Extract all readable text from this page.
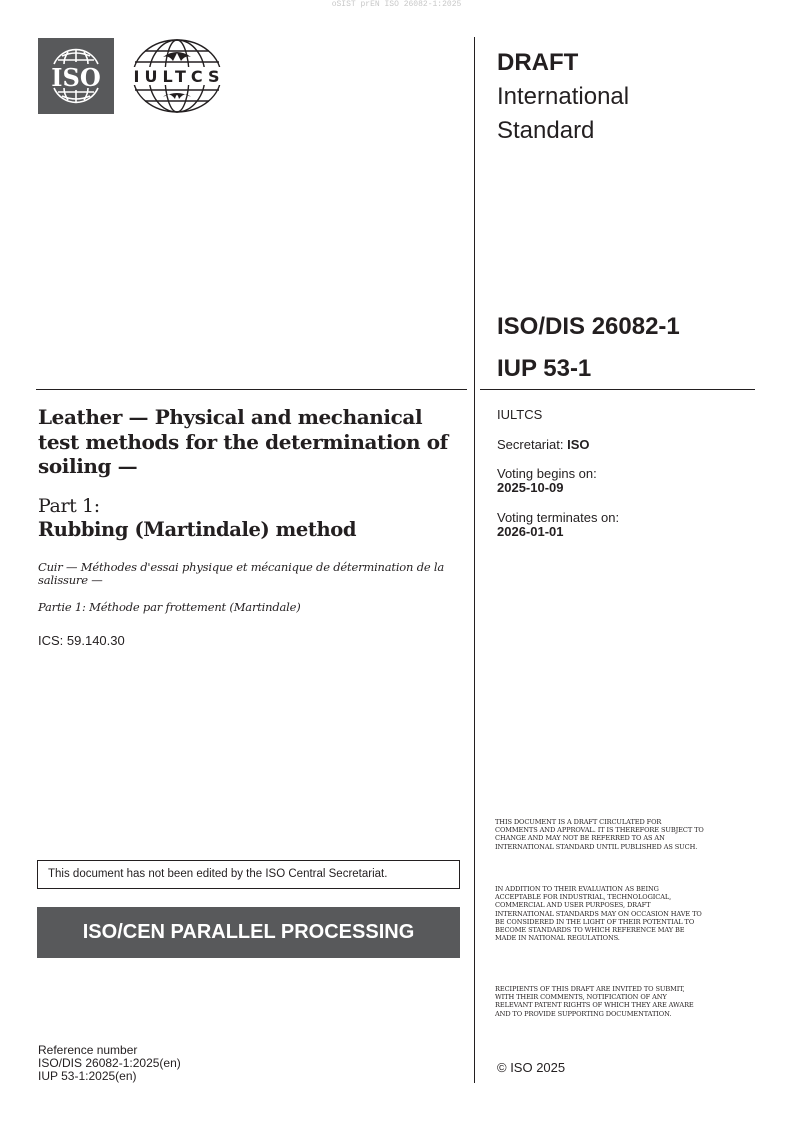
oSIST prEN ISO 26082-1:2025
ISO IULTCS
DRAFT
International
Standard
ISO/DIS 26082-1
IUP 53-1
IULTCS
Secretariat: ISO
Voting begins on:
2025-10-09
Voting terminates on:
2026-01-01
Leather — Physical and mechanical test methods for the determination of soiling —
Part 1:
Rubbing (Martindale) method
Cuir — Méthodes d'essai physique et mécanique de détermination de la salissure —
Partie 1: Méthode par frottement (Martindale)
ICS: 59.140.30
This document has not been edited by the ISO Central Secretariat.
ISO/CEN PARALLEL PROCESSING
Reference number
ISO/DIS 26082-1:2025(en)
IUP 53-1:2025(en)
THIS DOCUMENT IS A DRAFT CIRCULATED FOR COMMENTS AND APPROVAL. IT IS THEREFORE SUBJECT TO CHANGE AND MAY NOT BE REFERRED TO AS AN INTERNATIONAL STANDARD UNTIL PUBLISHED AS SUCH.
IN ADDITION TO THEIR EVALUATION AS BEING ACCEPTABLE FOR INDUSTRIAL, TECHNOLOGICAL, COMMERCIAL AND USER PURPOSES, DRAFT INTERNATIONAL STANDARDS MAY ON OCCASION HAVE TO BE CONSIDERED IN THE LIGHT OF THEIR POTENTIAL TO BECOME STANDARDS TO WHICH REFERENCE MAY BE MADE IN NATIONAL REGULATIONS.
RECIPIENTS OF THIS DRAFT ARE INVITED TO SUBMIT, WITH THEIR COMMENTS, NOTIFICATION OF ANY RELEVANT PATENT RIGHTS OF WHICH THEY ARE AWARE AND TO PROVIDE SUPPORTING DOCUMENTATION.
© ISO 2025
